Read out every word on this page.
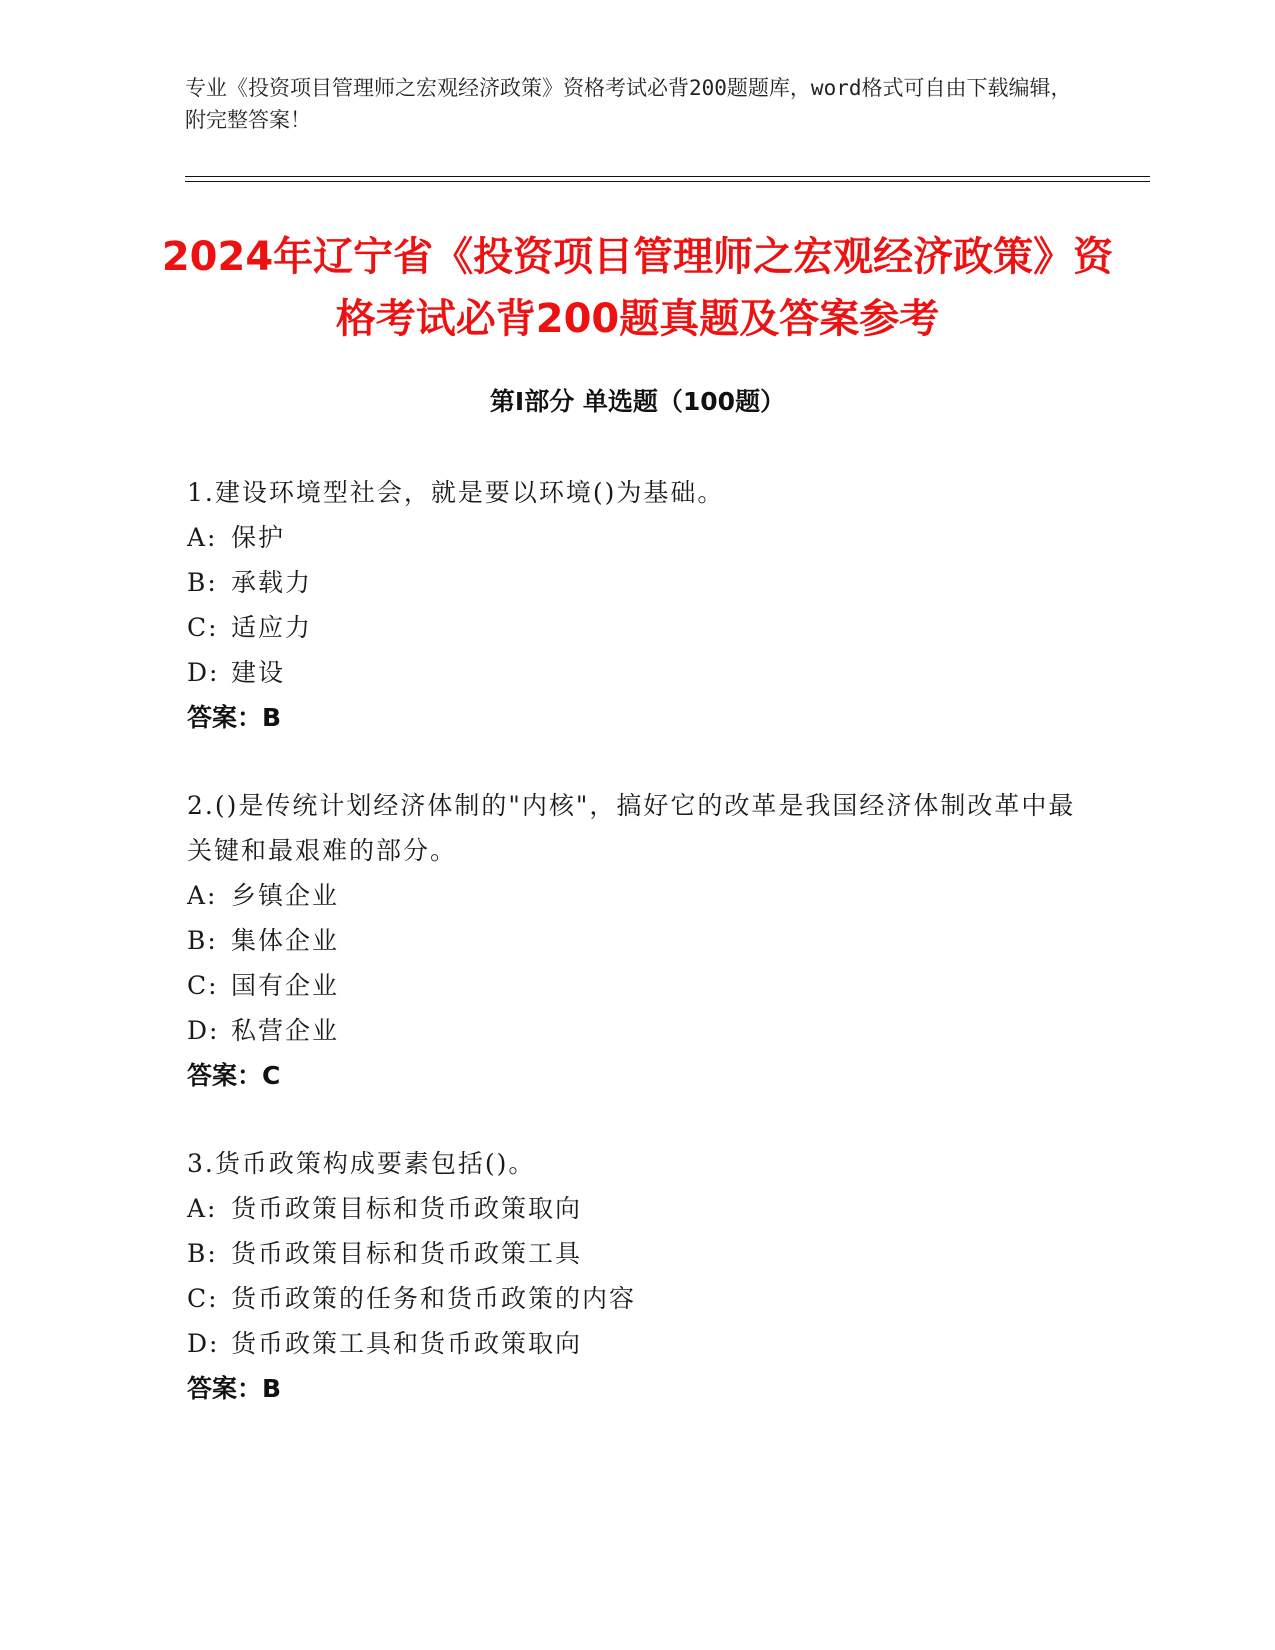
专业《投资项目管理师之宏观经济政策》资格考试必背200题题库，word格式可自由下载编辑，附完整答案！
2024年辽宁省《投资项目管理师之宏观经济政策》资格考试必背200题真题及答案参考
第I部分 单选题（100题）

1.建设环境型社会，就是要以环境()为基础。

A: 保护

B: 承载力

C: 适应力

D: 建设

答案：B

2.()是传统计划经济体制的"内核"，搞好它的改革是我国经济体制改革中最关键和最艰难的部分。

A: 乡镇企业

B: 集体企业

C: 国有企业

D: 私营企业

答案：C

3.货币政策构成要素包括()。

A: 货币政策目标和货币政策取向

B: 货币政策目标和货币政策工具

C: 货币政策的任务和货币政策的内容

D: 货币政策工具和货币政策取向

答案：B
